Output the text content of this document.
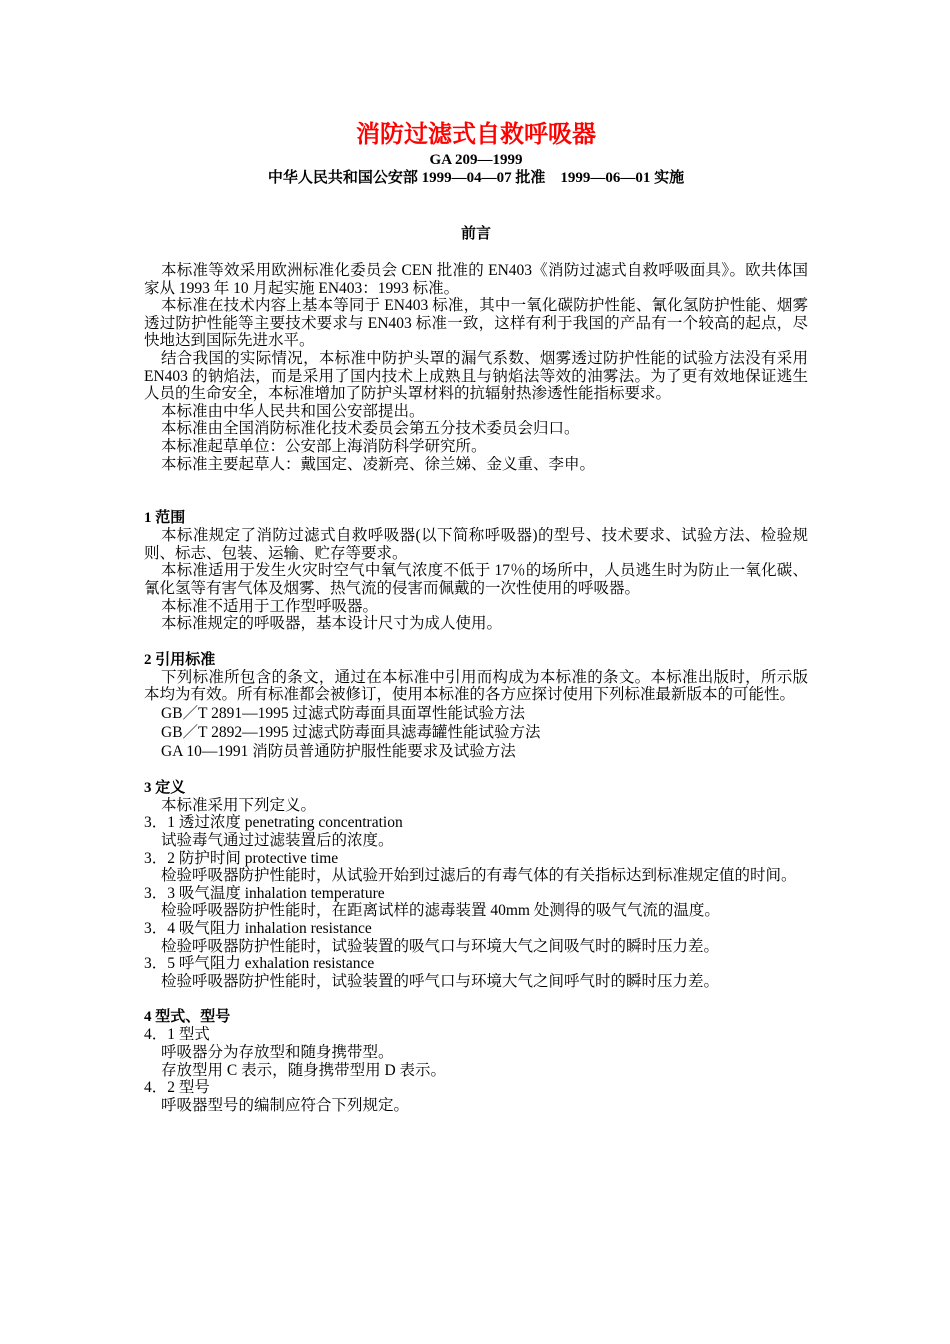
消防过滤式自救呼吸器
GA 209—1999
中华人民共和国公安部 1999—04—07 批准    1999—06—01 实施
前言

本标准等效采用欧洲标准化委员会 CEN 批准的 EN403《消防过滤式自救呼吸面具》。欧共体国家从 1993 年 10 月起实施 EN403：1993 标准。

本标准在技术内容上基本等同于 EN403 标准，其中一氧化碳防护性能、氰化氢防护性能、烟雾透过防护性能等主要技术要求与 EN403 标准一致，这样有利于我国的产品有一个较高的起点，尽快地达到国际先进水平。

结合我国的实际情况，本标准中防护头罩的漏气系数、烟雾透过防护性能的试验方法没有采用 EN403 的钠焰法，而是采用了国内技术上成熟且与钠焰法等效的油雾法。为了更有效地保证逃生人员的生命安全，本标准增加了防护头罩材料的抗辐射热渗透性能指标要求。

本标准由中华人民共和国公安部提出。

本标准由全国消防标准化技术委员会第五分技术委员会归口。

本标准起草单位：公安部上海消防科学研究所。

本标准主要起草人：戴国定、凌新亮、徐兰娣、金义重、李申。

1 范围

本标准规定了消防过滤式自救呼吸器(以下简称呼吸器)的型号、技术要求、试验方法、检验规则、标志、包装、运输、贮存等要求。

本标准适用于发生火灾时空气中氧气浓度不低于 17％的场所中，人员逃生时为防止一氧化碳、氰化氢等有害气体及烟雾、热气流的侵害而佩戴的一次性使用的呼吸器。

本标准不适用于工作型呼吸器。

本标准规定的呼吸器，基本设计尺寸为成人使用。

2 引用标准

下列标准所包含的条文，通过在本标准中引用而构成为本标准的条文。本标准出版时，所示版本均为有效。所有标准都会被修订，使用本标准的各方应探讨使用下列标准最新版本的可能性。

GB／T 2891—1995 过滤式防毒面具面罩性能试验方法

GB／T 2892—1995 过滤式防毒面具滤毒罐性能试验方法

GA 10—1991 消防员普通防护服性能要求及试验方法

3 定义

本标准采用下列定义。

3．1 透过浓度 penetrating concentration

试验毒气通过过滤装置后的浓度。

3．2 防护时间 protective time

检验呼吸器防护性能时，从试验开始到过滤后的有毒气体的有关指标达到标准规定值的时间。

3．3 吸气温度 inhalation temperature

检验呼吸器防护性能时，在距离试样的滤毒装置 40mm 处测得的吸气气流的温度。

3．4 吸气阻力 inhalation resistance

检验呼吸器防护性能时，试验装置的吸气口与环境大气之间吸气时的瞬时压力差。

3．5 呼气阻力 exhalation resistance

检验呼吸器防护性能时，试验装置的呼气口与环境大气之间呼气时的瞬时压力差。

4 型式、型号

4．1 型式

呼吸器分为存放型和随身携带型。

存放型用 C 表示，随身携带型用 D 表示。

4．2 型号

呼吸器型号的编制应符合下列规定。
